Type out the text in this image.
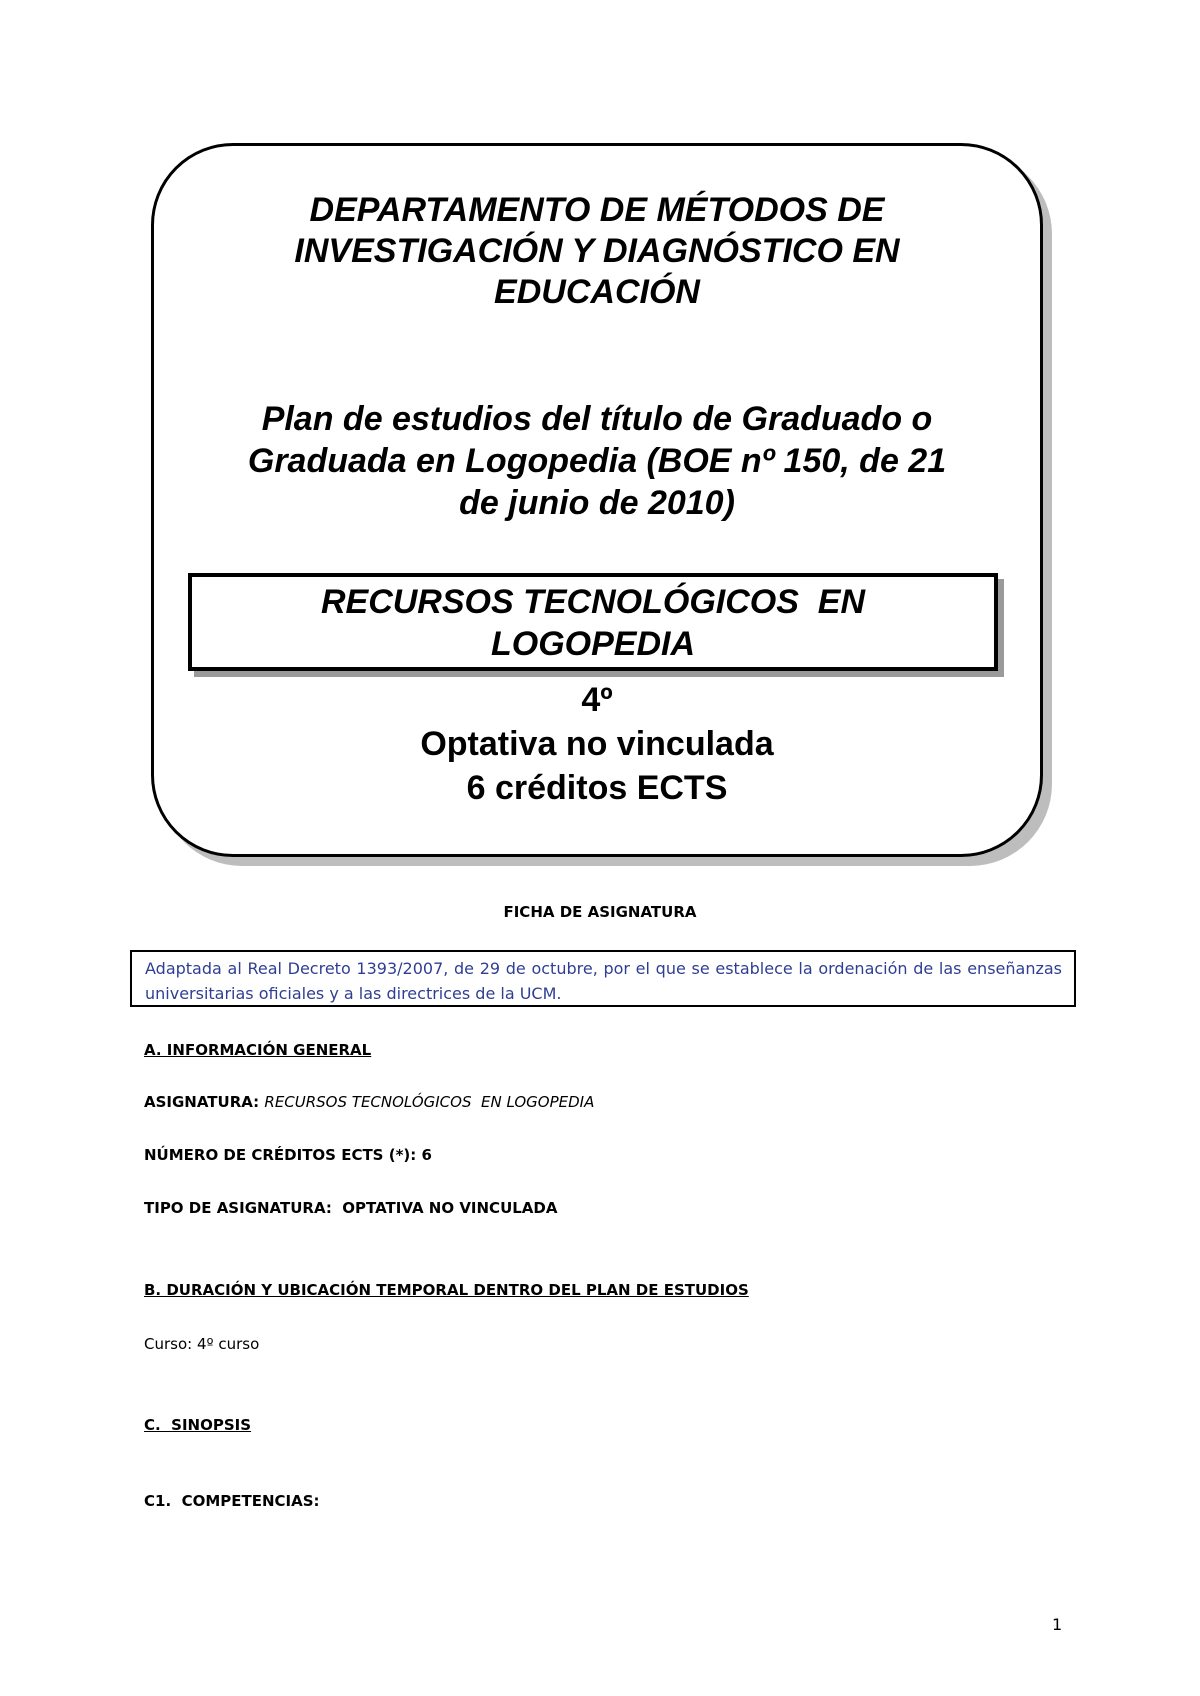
DEPARTAMENTO DE MÉTODOS DE
INVESTIGACIÓN Y DIAGNÓSTICO EN
EDUCACIÓN
Plan de estudios del título de Graduado o
Graduada en Logopedia (BOE nº 150, de 21
de junio de 2010)
RECURSOS TECNOLÓGICOS  EN
LOGOPEDIA
4º
Optativa no vinculada
6 créditos ECTS
FICHA DE ASIGNATURA
Adaptada al Real Decreto 1393/2007, de 29 de octubre, por el que se establece la ordenación de las enseñanzas universitarias oficiales y a las directrices de la UCM.
A. INFORMACIÓN GENERAL
ASIGNATURA: RECURSOS TECNOLÓGICOS  EN LOGOPEDIA
NÚMERO DE CRÉDITOS ECTS (*): 6
TIPO DE ASIGNATURA:  OPTATIVA NO VINCULADA
B. DURACIÓN Y UBICACIÓN TEMPORAL DENTRO DEL PLAN DE ESTUDIOS
Curso: 4º curso
C.  SINOPSIS
C1.  COMPETENCIAS:
1
